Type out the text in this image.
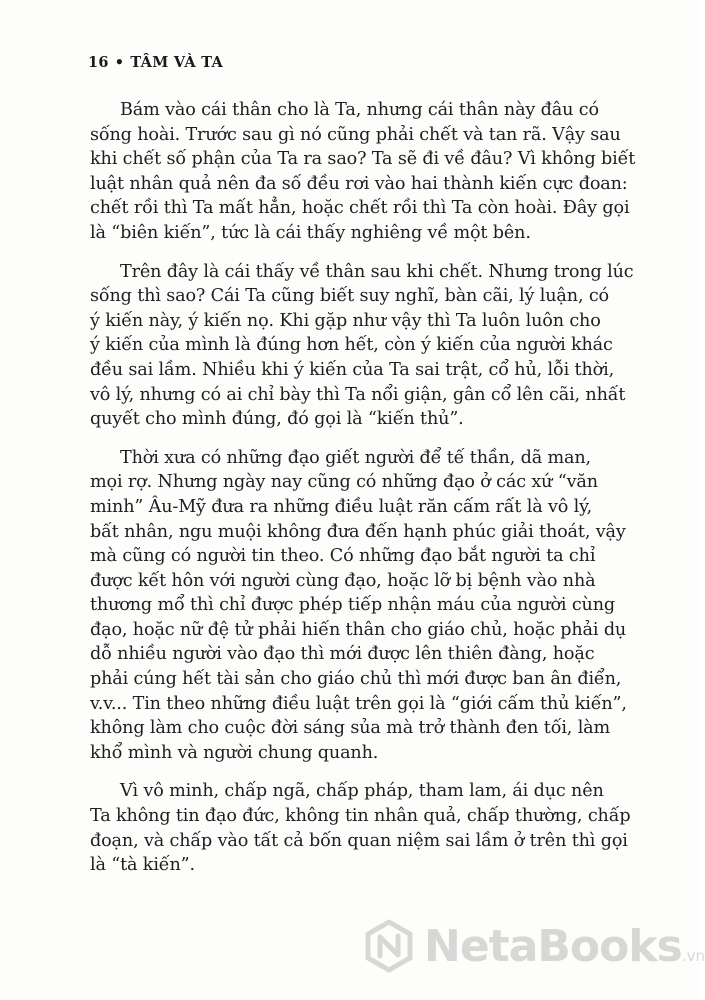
16 • TÂM VÀ TA
Bám vào cái thân cho là Ta, nhưng cái thân này đâu có
sống hoài. Trước sau gì nó cũng phải chết và tan rã. Vậy sau
khi chết số phận của Ta ra sao? Ta sẽ đi về đâu? Vì không biết
luật nhân quả nên đa số đều rơi vào hai thành kiến cực đoan:
chết rồi thì Ta mất hẳn, hoặc chết rồi thì Ta còn hoài. Đây gọi
là “biên kiến”, tức là cái thấy nghiêng về một bên.
Trên đây là cái thấy về thân sau khi chết. Nhưng trong lúc
sống thì sao? Cái Ta cũng biết suy nghĩ, bàn cãi, lý luận, có
ý kiến này, ý kiến nọ. Khi gặp như vậy thì Ta luôn luôn cho
ý kiến của mình là đúng hơn hết, còn ý kiến của người khác
đều sai lầm. Nhiều khi ý kiến của Ta sai trật, cổ hủ, lỗi thời,
vô lý, nhưng có ai chỉ bày thì Ta nổi giận, gân cổ lên cãi, nhất
quyết cho mình đúng, đó gọi là “kiến thủ”.
Thời xưa có những đạo giết người để tế thần, dã man,
mọi rợ. Nhưng ngày nay cũng có những đạo ở các xứ “văn
minh” Âu-Mỹ đưa ra những điều luật răn cấm rất là vô lý,
bất nhân, ngu muội không đưa đến hạnh phúc giải thoát, vậy
mà cũng có người tin theo. Có những đạo bắt người ta chỉ
được kết hôn với người cùng đạo, hoặc lỡ bị bệnh vào nhà
thương mổ thì chỉ được phép tiếp nhận máu của người cùng
đạo, hoặc nữ đệ tử phải hiến thân cho giáo chủ, hoặc phải dụ
dỗ nhiều người vào đạo thì mới được lên thiên đàng, hoặc
phải cúng hết tài sản cho giáo chủ thì mới được ban ân điển,
v.v... Tin theo những điều luật trên gọi là “giới cấm thủ kiến”,
không làm cho cuộc đời sáng sủa mà trở thành đen tối, làm
khổ mình và người chung quanh.
Vì vô minh, chấp ngã, chấp pháp, tham lam, ái dục nên
Ta không tin đạo đức, không tin nhân quả, chấp thường, chấp
đoạn, và chấp vào tất cả bốn quan niệm sai lầm ở trên thì gọi
là “tà kiến”.
NetaBooks.vn
